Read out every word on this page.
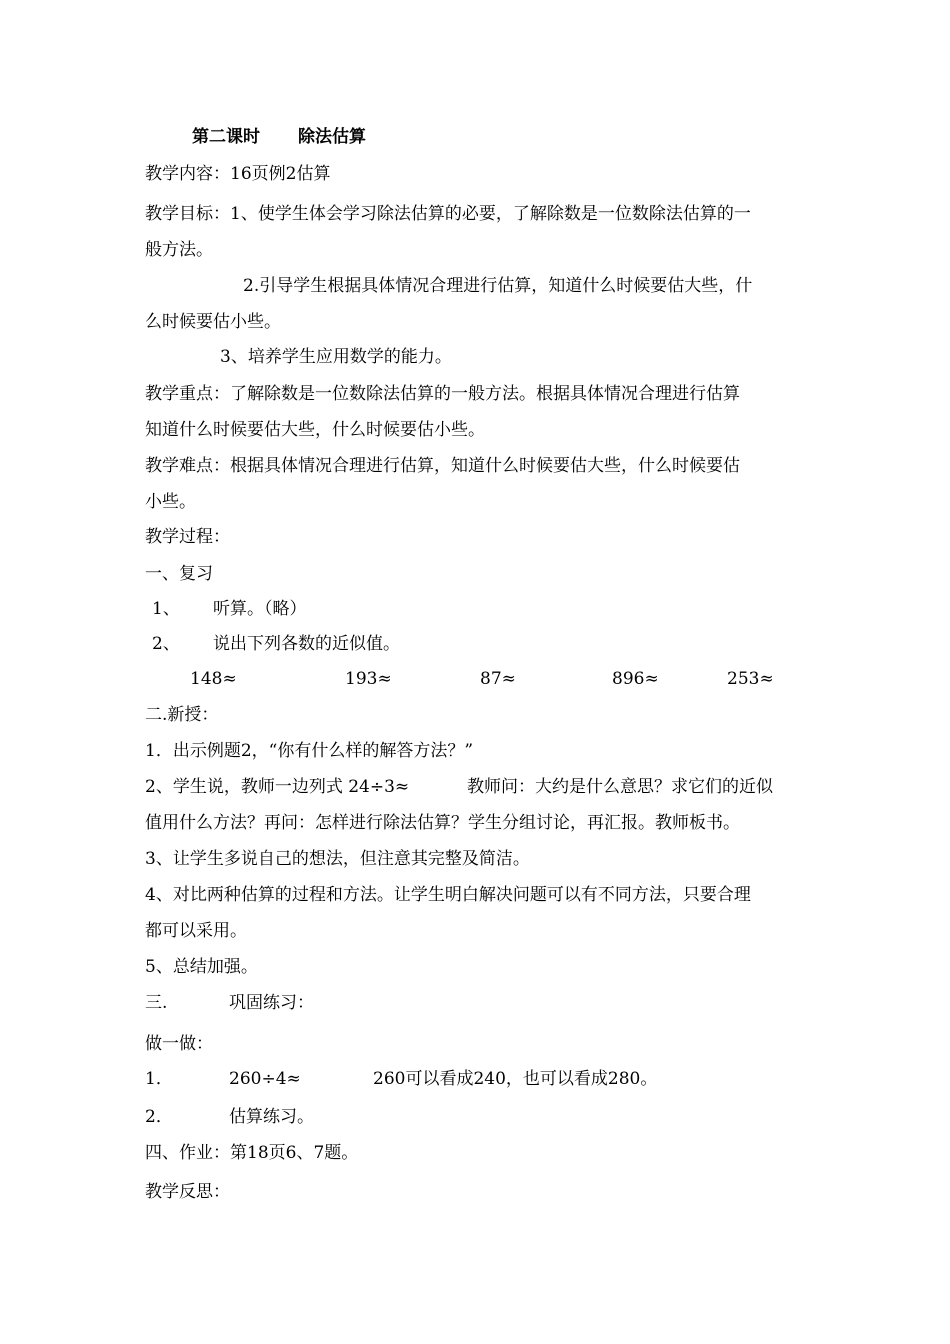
第二课时 除法估算
教学内容：16页例2估算
教学目标：1、使学生体会学习除法估算的必要，了解除数是一位数除法估算的一
般方法。
2.引导学生根据具体情况合理进行估算，知道什么时候要估大些，什
么时候要估小些。
3、培养学生应用数学的能力。
教学重点：了解除数是一位数除法估算的一般方法。根据具体情况合理进行估算
知道什么时候要估大些，什么时候要估小些。
教学难点：根据具体情况合理进行估算，知道什么时候要估大些，什么时候要估
小些。
教学过程：
一、复习
1、 听算。（略）
2、 说出下列各数的近似值。
148≈	193≈	87≈	896≈	253≈
二.新授：
1．出示例题2，“你有什么样的解答方法？”
2、学生说，教师一边列式 24÷3≈	教师问：大约是什么意思？求它们的近似
值用什么方法？再问：怎样进行除法估算？学生分组讨论，再汇报。教师板书。
3、让学生多说自己的想法，但注意其完整及简洁。
4、对比两种估算的过程和方法。让学生明白解决问题可以有不同方法，只要合理
都可以采用。
5、总结加强。
三.	巩固练习：
做一做：
1．	260÷4≈	260可以看成240，也可以看成280。
2．	估算练习。
四、作业：第18页6、7题。
教学反思：
